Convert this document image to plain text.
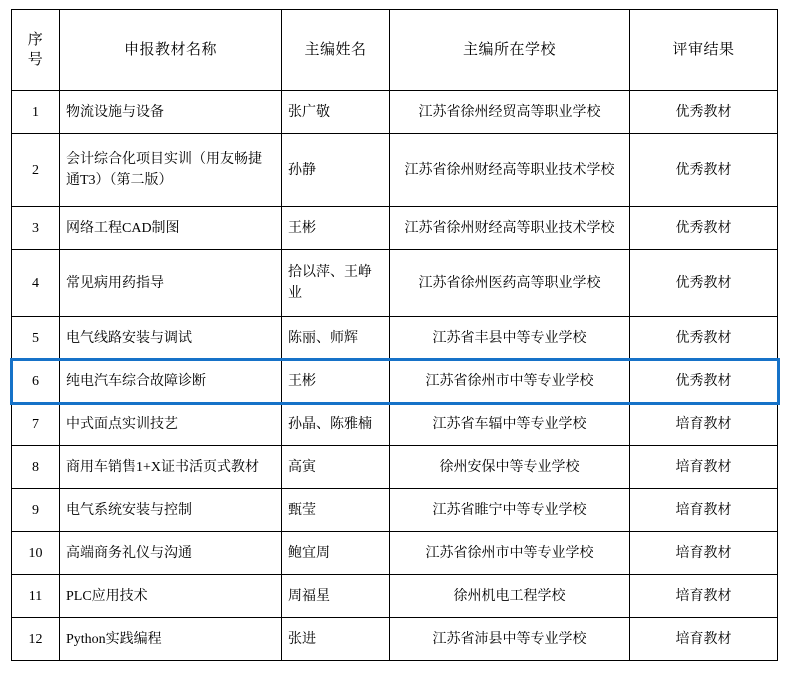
序号	申报教材名称	主编姓名	主编所在学校	评审结果
1	物流设施与设备	张广敬	江苏省徐州经贸高等职业学校	优秀教材
2	会计综合化项目实训（用友畅捷通T3）（第二版）	孙静	江苏省徐州财经高等职业技术学校	优秀教材
3	网络工程CAD制图	王彬	江苏省徐州财经高等职业技术学校	优秀教材
4	常见病用药指导	拾以萍、王峥业	江苏省徐州医药高等职业学校	优秀教材
5	电气线路安装与调试	陈丽、师辉	江苏省丰县中等专业学校	优秀教材
6	纯电汽车综合故障诊断	王彬	江苏省徐州市中等专业学校	优秀教材
7	中式面点实训技艺	孙晶、陈雅楠	江苏省车辐中等专业学校	培育教材
8	商用车销售1+X证书活页式教材	高寅	徐州安保中等专业学校	培育教材
9	电气系统安装与控制	甄莹	江苏省睢宁中等专业学校	培育教材
10	高端商务礼仪与沟通	鲍宜周	江苏省徐州市中等专业学校	培育教材
11	PLC应用技术	周福星	徐州机电工程学校	培育教材
12	Python实践编程	张进	江苏省沛县中等专业学校	培育教材
